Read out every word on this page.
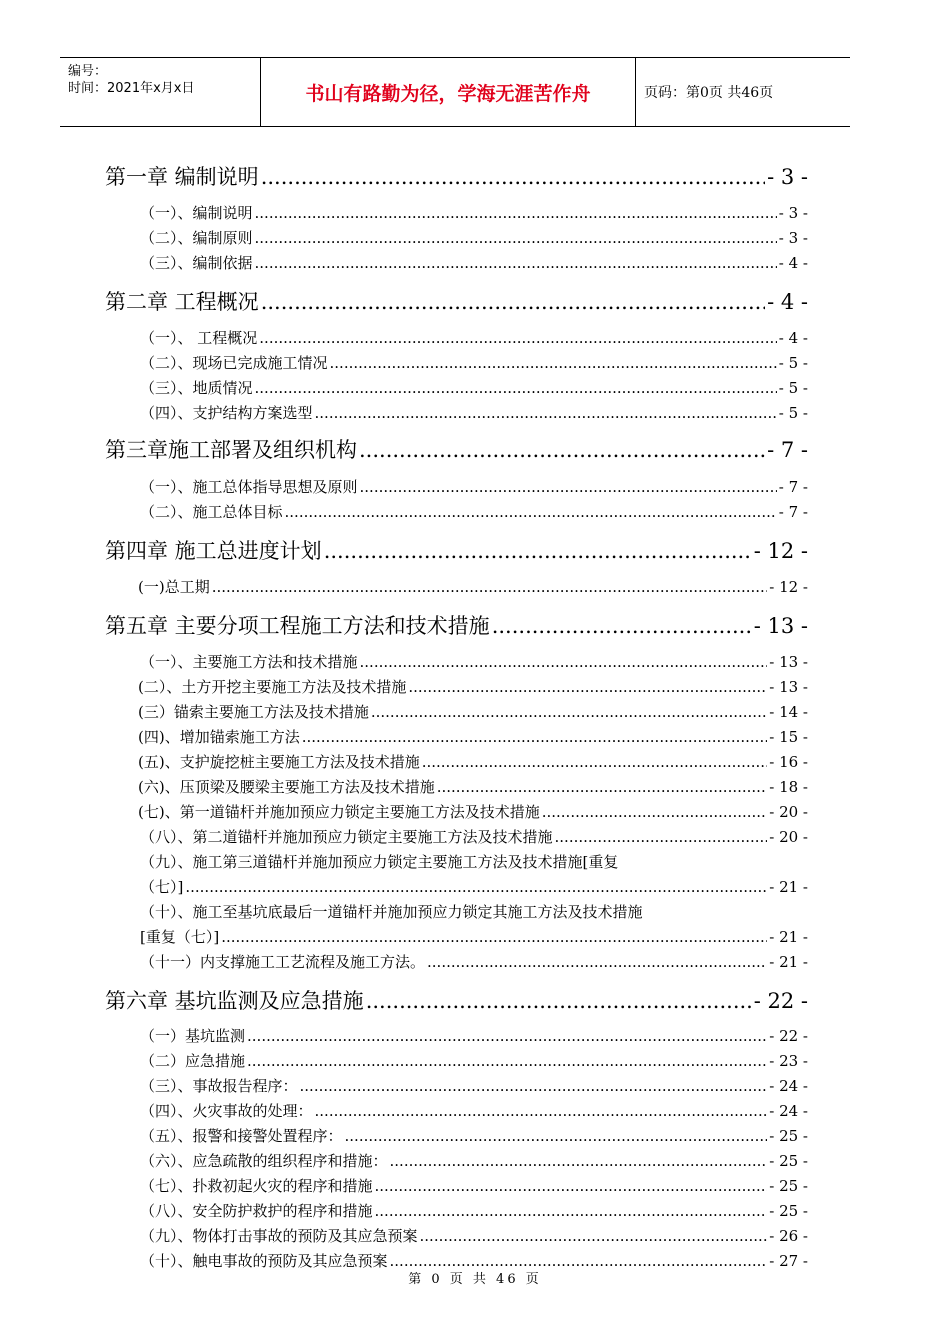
编号：
时间：2021年x月x日	书山有路勤为径，学海无涯苦作舟	页码：第0页 共46页
第一章 编制说明 .....	- 3 -
（一）、编制说明 .....	- 3 -
（二）、编制原则 .....	- 3 -
（三）、编制依据 .....	- 4 -
第二章 工程概况 .....	- 4 -
（一）、 工程概况 .....	- 4 -
（二）、现场已完成施工情况 .....	- 5 -
（三）、地质情况 .....	- 5 -
（四）、支护结构方案选型 .....	- 5 -
第三章施工部署及组织机构 .....	- 7 -
（一）、施工总体指导思想及原则 .....	- 7 -
（二）、施工总体目标 .....	- 7 -
第四章 施工总进度计划 .....	- 12 -
(一)总工期 .....	- 12 -
第五章 主要分项工程施工方法和技术措施 .....	- 13 -
（一）、主要施工方法和技术措施 .....	- 13 -
(二）、土方开挖主要施工方法及技术措施 .....	- 13 -
(三）锚索主要施工方法及技术措施 .....	- 14 -
(四)、增加锚索施工方法 .....	- 15 -
(五)、支护旋挖桩主要施工方法及技术措施 .....	- 16 -
(六)、压顶梁及腰梁主要施工方法及技术措施 .....	- 18 -
(七)、第一道锚杆并施加预应力锁定主要施工方法及技术措施 .....	- 20 -
（八）、第二道锚杆并施加预应力锁定主要施工方法及技术措施 .....	- 20 -
（九）、施工第三道锚杆并施加预应力锁定主要施工方法及技术措施[重复
（七）] .....	- 21 -
（十）、施工至基坑底最后一道锚杆并施加预应力锁定其施工方法及技术措施
[重复（七）] .....	- 21 -
（十一）内支撑施工工艺流程及施工方法。 .....	- 21 -
第六章 基坑监测及应急措施 .....	- 22 -
（一）基坑监测 .....	- 22 -
（二）应急措施 .....	- 23 -
（三）、事故报告程序： .....	- 24 -
（四）、火灾事故的处理： .....	- 24 -
（五）、报警和接警处置程序： .....	- 25 -
（六）、应急疏散的组织程序和措施： .....	- 25 -
（七）、扑救初起火灾的程序和措施 .....	- 25 -
（八）、安全防护救护的程序和措施 .....	- 25 -
（九）、物体打击事故的预防及其应急预案 .....	- 26 -
（十）、触电事故的预防及其应急预案 .....	- 27 -
第 0 页 共 46 页
